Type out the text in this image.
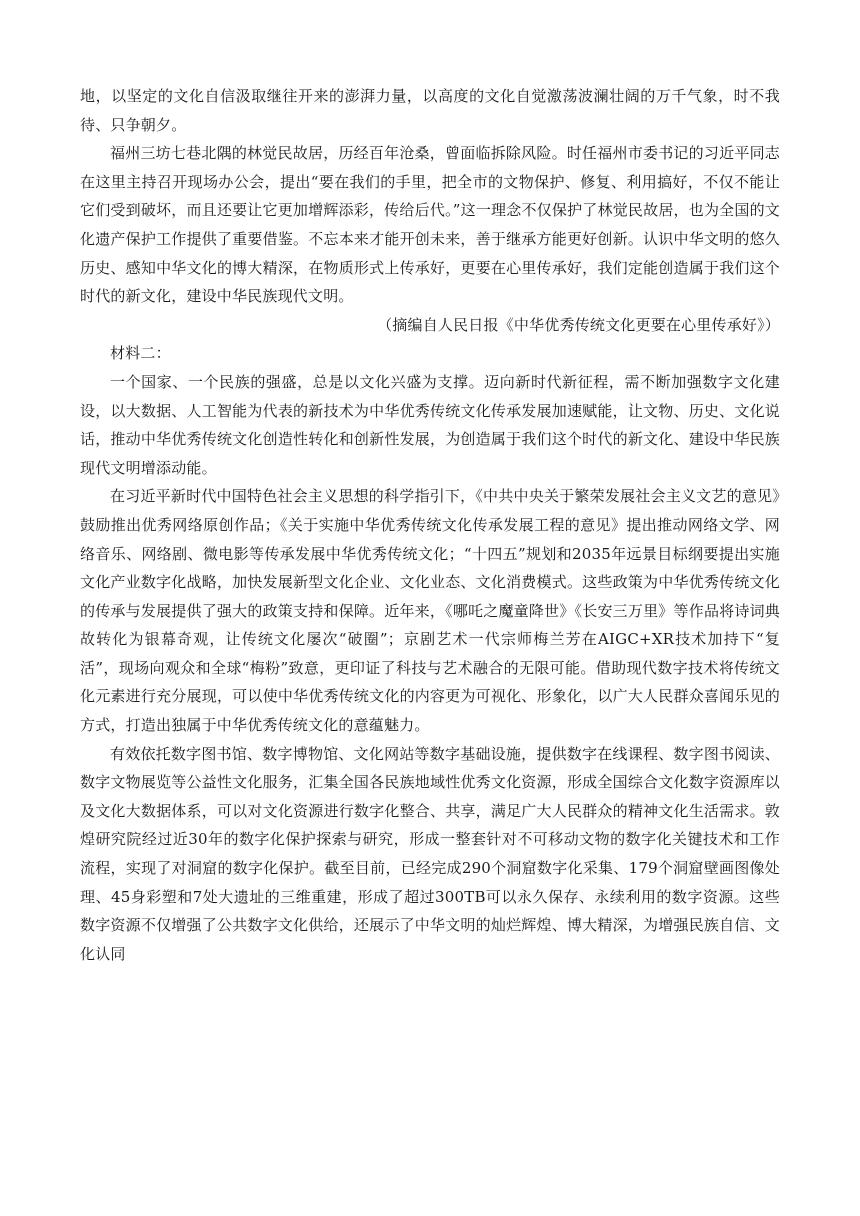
地，以坚定的文化自信汲取继往开来的澎湃力量，以高度的文化自觉激荡波澜壮阔的万千气象，时不我待、只争朝夕。

福州三坊七巷北隅的林觉民故居，历经百年沧桑，曾面临拆除风险。时任福州市委书记的习近平同志在这里主持召开现场办公会，提出“要在我们的手里，把全市的文物保护、修复、利用搞好，不仅不能让它们受到破坏，而且还要让它更加增辉添彩，传给后代。”这一理念不仅保护了林觉民故居，也为全国的文化遗产保护工作提供了重要借鉴。不忘本来才能开创未来，善于继承方能更好创新。认识中华文明的悠久历史、感知中华文化的博大精深，在物质形式上传承好，更要在心里传承好，我们定能创造属于我们这个时代的新文化，建设中华民族现代文明。

（摘编自人民日报《中华优秀传统文化更要在心里传承好》）

材料二：

一个国家、一个民族的强盛，总是以文化兴盛为支撑。迈向新时代新征程，需不断加强数字文化建设，以大数据、人工智能为代表的新技术为中华优秀传统文化传承发展加速赋能，让文物、历史、文化说话，推动中华优秀传统文化创造性转化和创新性发展，为创造属于我们这个时代的新文化、建设中华民族现代文明增添动能。

在习近平新时代中国特色社会主义思想的科学指引下，《中共中央关于繁荣发展社会主义文艺的意见》鼓励推出优秀网络原创作品；《关于实施中华优秀传统文化传承发展工程的意见》提出推动网络文学、网络音乐、网络剧、微电影等传承发展中华优秀传统文化；“十四五”规划和2035年远景目标纲要提出实施文化产业数字化战略，加快发展新型文化企业、文化业态、文化消费模式。这些政策为中华优秀传统文化的传承与发展提供了强大的政策支持和保障。近年来，《哪吒之魔童降世》《长安三万里》等作品将诗词典故转化为银幕奇观，让传统文化屡次“破圈”；京剧艺术一代宗师梅兰芳在AIGC+XR技术加持下“复活”，现场向观众和全球“梅粉”致意，更印证了科技与艺术融合的无限可能。借助现代数字技术将传统文化元素进行充分展现，可以使中华优秀传统文化的内容更为可视化、形象化，以广大人民群众喜闻乐见的方式，打造出独属于中华优秀传统文化的意蕴魅力。

有效依托数字图书馆、数字博物馆、文化网站等数字基础设施，提供数字在线课程、数字图书阅读、数字文物展览等公益性文化服务，汇集全国各民族地域性优秀文化资源，形成全国综合文化数字资源库以及文化大数据体系，可以对文化资源进行数字化整合、共享，满足广大人民群众的精神文化生活需求。敦煌研究院经过近30年的数字化保护探索与研究，形成一整套针对不可移动文物的数字化关键技术和工作流程，实现了对洞窟的数字化保护。截至目前，已经完成290个洞窟数字化采集、179个洞窟壁画图像处理、45身彩塑和7处大遗址的三维重建，形成了超过300TB可以永久保存、永续利用的数字资源。这些数字资源不仅增强了公共数字文化供给，还展示了中华文明的灿烂辉煌、博大精深，为增强民族自信、文化认同
